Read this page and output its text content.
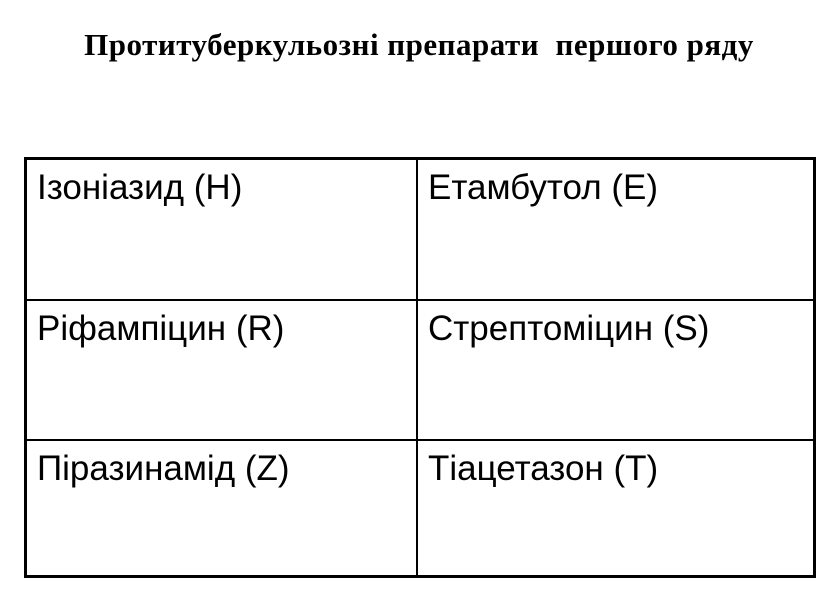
Протитуберкульозні препарати  першого ряду
Ізоніазид (H)	Етамбутол (E)
Ріфампіцин (R)	Стрептоміцин (S)
Піразинамід (Z)	Тіацетазон (T)
